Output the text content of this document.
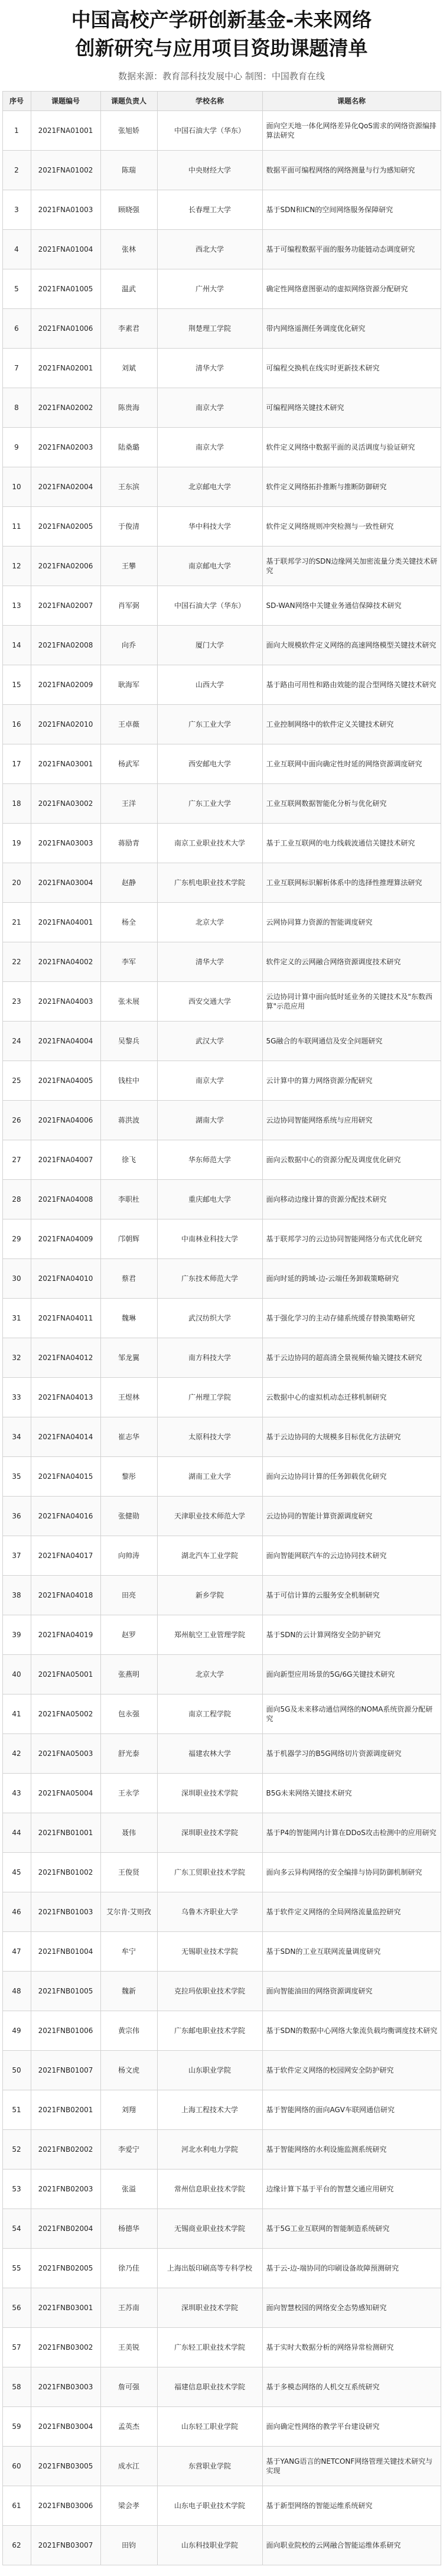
中国高校产学研创新基金-未来网络
创新研究与应用项目资助课题清单
数据来源：教育部科技发展中心 制图：中国教育在线
序号	课题编号	课题负责人	学校名称	课题名称
1	2021FNA01001	张旭娇	中国石油大学（华东）	面向空天地一体化网络差异化QoS需求的网络资源编排算法研究
2	2021FNA01002	陈瑞	中央财经大学	数据平面可编程网络的网络测量与行为感知研究
3	2021FNA01003	顾晓强	长春理工大学	基于SDN和ICN的空间网络服务保障研究
4	2021FNA01004	张林	西北大学	基于可编程数据平面的服务功能链动态调度研究
5	2021FNA01005	温武	广州大学	确定性网络意图驱动的虚拟网络资源分配研究
6	2021FNA01006	李素君	荆楚理工学院	带内网络遥测任务调度优化研究
7	2021FNA02001	刘斌	清华大学	可编程交换机在线实时更新技术研究
8	2021FNA02002	陈贵海	南京大学	可编程网络关键技术研究
9	2021FNA02003	陆桑璐	南京大学	软件定义网络中数据平面的灵活调度与验证研究
10	2021FNA02004	王东滨	北京邮电大学	软件定义网络拓扑推断与推断防御研究
11	2021FNA02005	于俊清	华中科技大学	软件定义网络规则冲突检测与一致性研究
12	2021FNA02006	王攀	南京邮电大学	基于联邦学习的SDN边缘网关加密流量分类关键技术研究
13	2021FNA02007	肖军弼	中国石油大学（华东）	SD-WAN网络中关键业务通信保障技术研究
14	2021FNA02008	向乔	厦门大学	面向大规模软件定义网络的高速网络模型关键技术研究
15	2021FNA02009	耿海军	山西大学	基于路由可用性和路由效能的混合型网络关键技术研究
16	2021FNA02010	王卓薇	广东工业大学	工业控制网络中的软件定义关键技术研究
17	2021FNA03001	杨武军	西安邮电大学	工业互联网中面向确定性时延的网络资源调度研究
18	2021FNA03002	王洋	广东工业大学	工业互联网数据智能化分析与优化研究
19	2021FNA03003	蒋励青	南京工业职业技术大学	基于工业互联网的电力线载波通信关键技术研究
20	2021FNA03004	赵静	广东机电职业技术学院	工业互联网标识解析体系中的选择性推理算法研究
21	2021FNA04001	杨全	北京大学	云网协同算力资源的智能调度研究
22	2021FNA04002	李军	清华大学	软件定义的云网融合网络资源调度技术研究
23	2021FNA04003	张未展	西安交通大学	云边协同计算中面向低时延业务的关键技术及"东数西算"示范应用
24	2021FNA04004	吴黎兵	武汉大学	5G融合的车联网通信及安全问题研究
25	2021FNA04005	钱柱中	南京大学	云计算中的算力网络资源分配研究
26	2021FNA04006	蒋洪波	湖南大学	云边协同智能网络系统与应用研究
27	2021FNA04007	徐飞	华东师范大学	面向云数据中心的资源分配及调度优化研究
28	2021FNA04008	李职杜	重庆邮电大学	面向移动边缘计算的资源分配技术研究
29	2021FNA04009	邝朝辉	中南林业科技大学	基于联邦学习的云边协同智能网络分布式优化研究
30	2021FNA04010	蔡君	广东技术师范大学	面向时延的跨域-边-云端任务卸载策略研究
31	2021FNA04011	魏琳	武汉纺织大学	基于强化学习的主动存储系统缓存替换策略研究
32	2021FNA04012	邹龙翼	南方科技大学	基于云边协同的超高清全景视频传输关键技术研究
33	2021FNA04013	王煜林	广州理工学院	云数据中心的虚拟机动态迁移机制研究
34	2021FNA04014	崔志华	太原科技大学	基于云边协同的大规模多目标优化方法研究
35	2021FNA04015	黎彤	湖南工业大学	面向云边协同计算的任务卸载优化研究
36	2021FNA04016	张健勋	天津职业技术师范大学	云边协同的智能计算资源调度研究
37	2021FNA04017	向帅涛	湖北汽车工业学院	面向智能网联汽车的云边协同技术研究
38	2021FNA04018	田亮	新乡学院	基于可信计算的云服务安全机制研究
39	2021FNA04019	赵罗	郑州航空工业管理学院	基于SDN的云计算网络安全防护研究
40	2021FNA05001	张燕明	北京大学	面向新型应用场景的5G/6G关键技术研究
41	2021FNA05002	包永强	南京工程学院	面向5G及未来移动通信网络的NOMA系统资源分配研究
42	2021FNA05003	舒光泰	福建农林大学	基于机器学习的B5G网络切片资源调度研究
43	2021FNA05004	王永学	深圳职业技术学院	B5G未来网络关键技术研究
44	2021FNB01001	聂伟	深圳职业技术学院	基于P4的智能网内计算在DDoS攻击检测中的应用研究
45	2021FNB01002	王俊贤	广东工贸职业技术学院	面向多云异构网络的安全编排与协同防御机制研究
46	2021FNB01003	艾尔肯·艾则孜	乌鲁木齐职业大学	基于软件定义网络的全局网络流量监控研究
47	2021FNB01004	牟宁	无锡职业技术学院	基于SDN的工业互联网流量调度研究
48	2021FNB01005	魏新	克拉玛依职业技术学院	面向智能油田的网络资源调度研究
49	2021FNB01006	黄宗伟	广东邮电职业技术学院	基于SDN的数据中心网络大象流负载均衡调度技术研究
50	2021FNB01007	杨文虎	山东职业学院	基于软件定义网络的校园网安全防护研究
51	2021FNB02001	刘翔	上海工程技术大学	基于智能网络的面向AGV车联网通信研究
52	2021FNB02002	李爱宁	河北水利电力学院	基于智能网络的水利设施监测系统研究
53	2021FNB02003	张溢	常州信息职业技术学院	边缘计算下基于平台的智慧交通应用研究
54	2021FNB02004	杨德华	无锡商业职业技术学院	基于5G工业互联网的智能制造系统研究
55	2021FNB02005	徐乃佳	上海出版印刷高等专科学校	基于云-边-端协同的印刷设备故障预测研究
56	2021FNB03001	王苏南	深圳职业技术学院	面向智慧校园的网络安全态势感知研究
57	2021FNB03002	王美锐	广东轻工职业技术学院	基于实时大数据分析的网络异常检测研究
58	2021FNB03003	詹可强	福建信息职业技术学院	基于多模态网络的人机交互系统研究
59	2021FNB03004	孟英杰	山东轻工职业学院	面向确定性网络的教学平台建设研究
60	2021FNB03005	成水江	东营职业学院	基于YANG语言的NETCONF网络管理关键技术研究与实现
61	2021FNB03006	梁会孝	山东电子职业技术学院	基于新型网络的智能运维系统研究
62	2021FNB03007	田钧	山东科技职业学院	面向职业院校的云网融合智能运维体系研究
